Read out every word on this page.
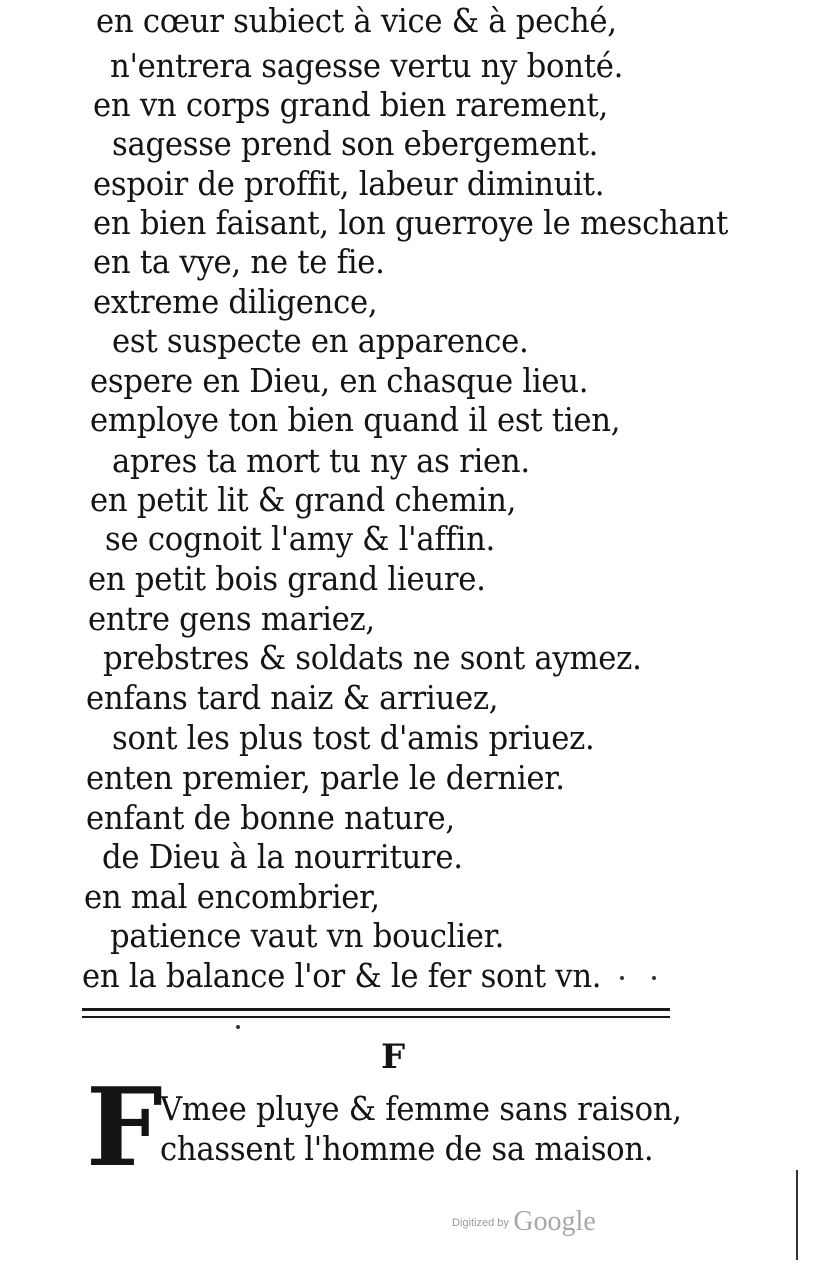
en cœur subiect à vice & à peché,
n'entrera sagesse vertu ny bonté.
en vn corps grand bien rarement,
sagesse prend son ebergement.
espoir de proffit, labeur diminuit.
en bien faisant, lon guerroye le meschant
en ta vye, ne te fie.
extreme diligence,
est suspecte en apparence.
espere en Dieu, en chasque lieu.
employe ton bien quand il est tien,
apres ta mort tu ny as rien.
en petit lit & grand chemin,
se cognoit l'amy & l'affin.
en petit bois grand lieure.
entre gens mariez,
prebstres & soldats ne sont aymez.
enfans tard naiz & arriuez,
sont les plus tost d'amis priuez.
enten premier, parle le dernier.
enfant de bonne nature,
de Dieu à la nourriture.
en mal encombrier,
patience vaut vn bouclier.
en la balance l'or & le fer sont vn.
F
F
Vmee pluye & femme sans raison,
chassent l'homme de sa maison.
$^{Digitized by}$ Google
